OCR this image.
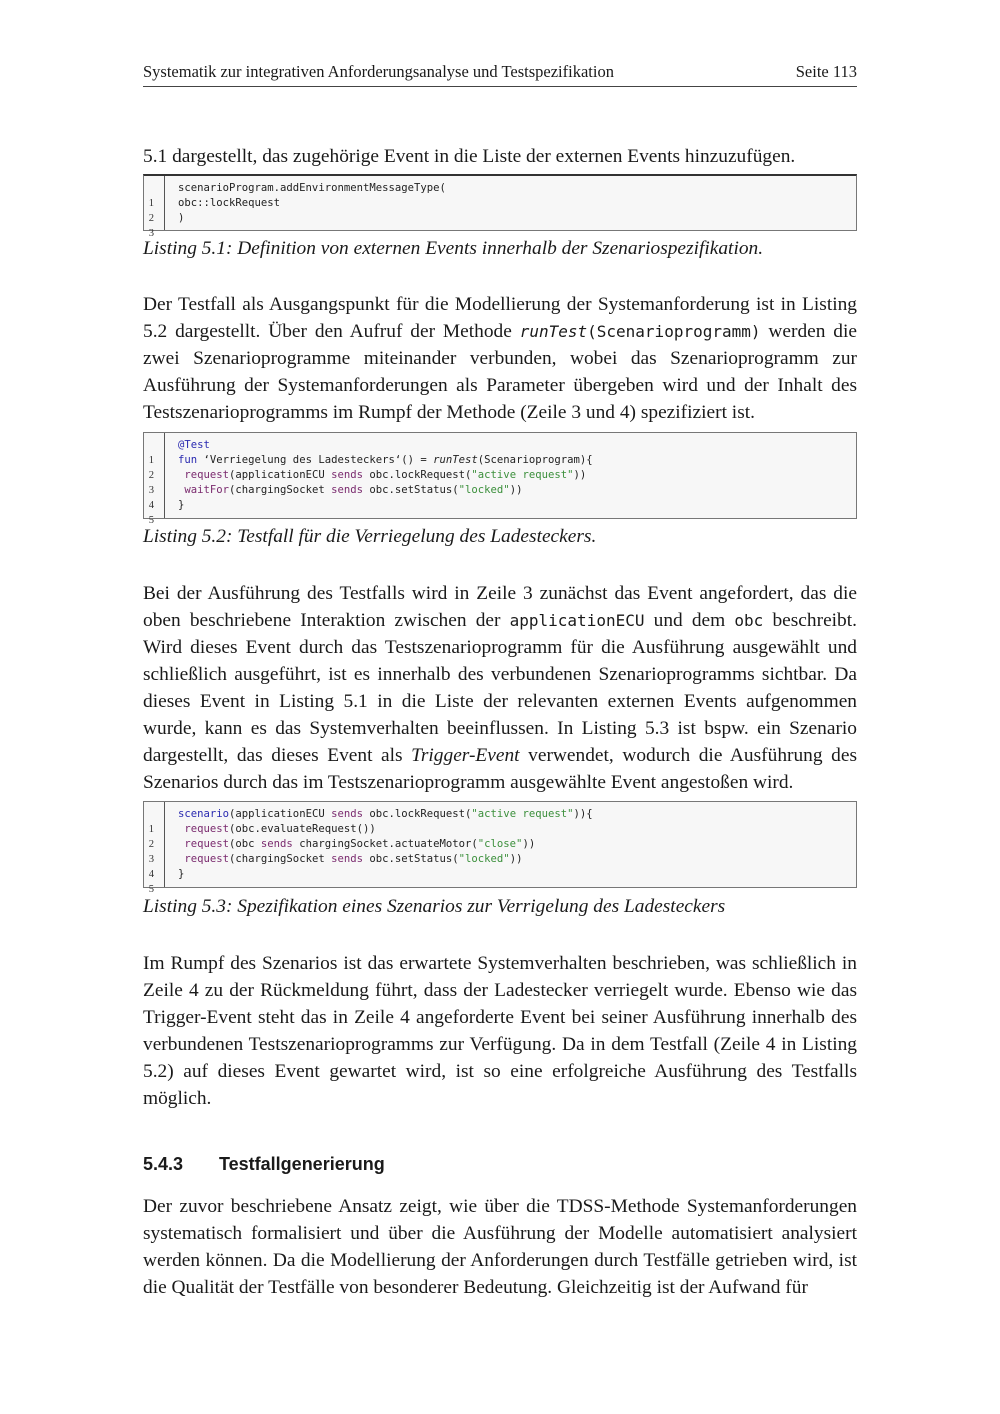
Systematik zur integrativen Anforderungsanalyse und Testspezifikation	Seite 113

5.1 dargestellt, das zugehörige Event in die Liste der externen Events hinzuzufügen.

1

scenarioProgram.addEnvironmentMessageType(

2

obc::lockRequest

3

)

Listing 5.1: Definition von externen Events innerhalb der Szenariospezifikation.

Der Testfall als Ausgangspunkt für die Modellierung der Systemanforderung ist in Listing 5.2 dargestellt. Über den Aufruf der Methode runTest(Scenarioprogramm) werden die zwei Szenarioprogramme miteinander verbunden, wobei das Szenarioprogramm zur Ausführung der Systemanforderungen als Parameter übergeben wird und der Inhalt des Testszenarioprogramms im Rumpf der Methode (Zeile 3 und 4) spezifiziert ist.

1

@Test

2

fun ‘Verriegelung des Ladesteckers‘() = runTest(Scenarioprogram){

3

request(applicationECU sends obc.lockRequest("active request"))

4

waitFor(chargingSocket sends obc.setStatus("locked"))

5

}

Listing 5.2: Testfall für die Verriegelung des Ladesteckers.

Bei der Ausführung des Testfalls wird in Zeile 3 zunächst das Event angefordert, das die oben beschriebene Interaktion zwischen der applicationECU und dem obc beschreibt. Wird dieses Event durch das Testszenarioprogramm für die Ausführung ausgewählt und schließlich ausgeführt, ist es innerhalb des verbundenen Szenarioprogramms sichtbar. Da dieses Event in Listing 5.1 in die Liste der relevanten externen Events aufgenommen wurde, kann es das Systemverhalten beeinflussen. In Listing 5.3 ist bspw. ein Szenario dargestellt, das dieses Event als Trigger-Event verwendet, wodurch die Ausführung des Szenarios durch das im Testszenarioprogramm ausgewählte Event angestoßen wird.

1

scenario(applicationECU sends obc.lockRequest("active request")){

2

request(obc.evaluateRequest())

3

request(obc sends chargingSocket.actuateMotor("close"))

4

request(chargingSocket sends obc.setStatus("locked"))

5

}

Listing 5.3: Spezifikation eines Szenarios zur Verrigelung des Ladesteckers

Im Rumpf des Szenarios ist das erwartete Systemverhalten beschrieben, was schließlich in Zeile 4 zu der Rückmeldung führt, dass der Ladestecker verriegelt wurde. Ebenso wie das Trigger-Event steht das in Zeile 4 angeforderte Event bei seiner Ausführung innerhalb des verbundenen Testszenarioprogramms zur Verfügung. Da in dem Testfall (Zeile 4 in Listing 5.2) auf dieses Event gewartet wird, ist so eine erfolgreiche Ausführung des Testfalls möglich.

5.4.3 Testfallgenerierung

Der zuvor beschriebene Ansatz zeigt, wie über die TDSS-Methode Systemanforderungen systematisch formalisiert und über die Ausführung der Modelle automatisiert analysiert werden können. Da die Modellierung der Anforderungen durch Testfälle getrieben wird, ist die Qualität der Testfälle von besonderer Bedeutung. Gleichzeitig ist der Aufwand für
